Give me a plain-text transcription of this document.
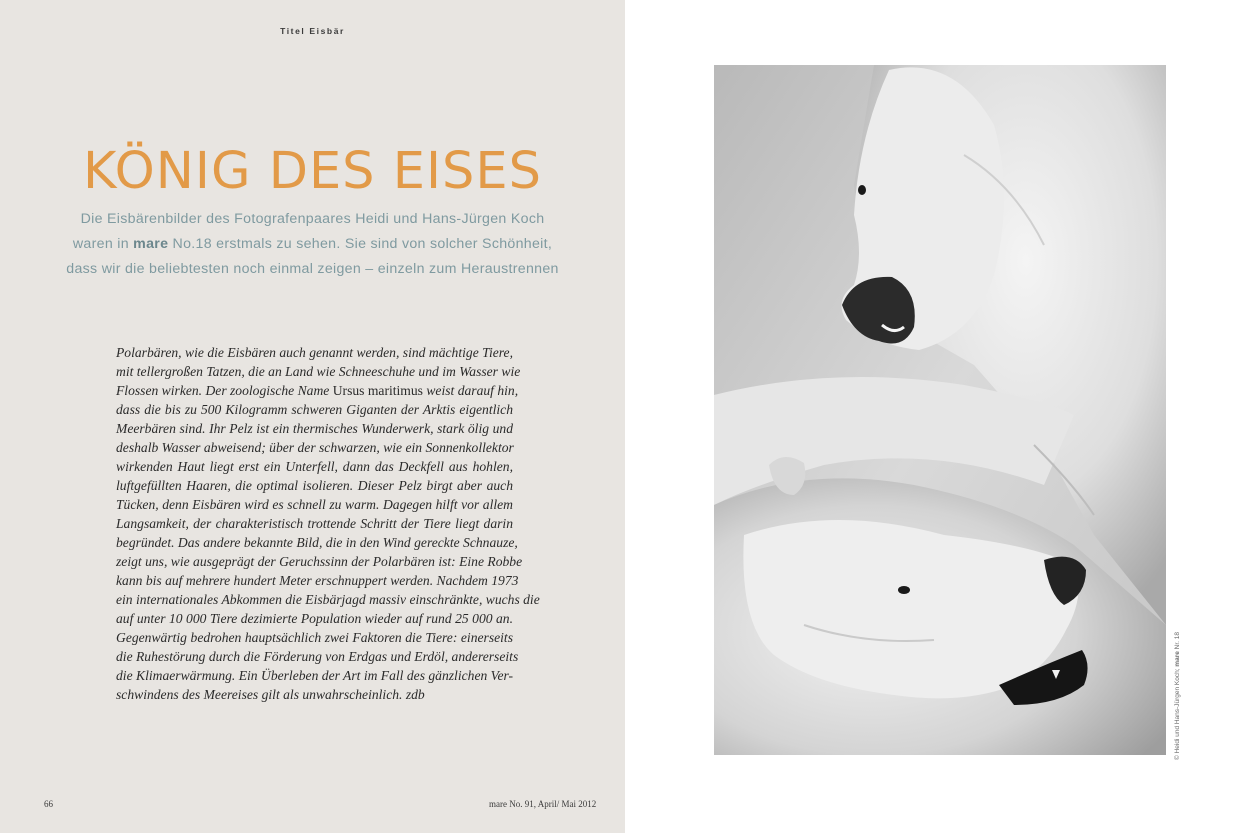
Titel Eisbär
KÖNIG DES EISES
Die Eisbärenbilder des Fotografenpaares Heidi und Hans-Jürgen Koch
waren in mare No.18 erstmals zu sehen. Sie sind von solcher Schönheit,
dass wir die beliebtesten noch einmal zeigen – einzeln zum Heraustrennen
Polarbären, wie die Eisbären auch genannt werden, sind mächtige Tiere,
mit tellergroßen Tatzen, die an Land wie Schneeschuhe und im Wasser wie
Flossen wirken. Der zoologische Name Ursus maritimus weist darauf hin,
dass die bis zu 500 Kilogramm schweren Giganten der Arktis eigentlich
Meerbären sind. Ihr Pelz ist ein thermisches Wunderwerk, stark ölig und
deshalb Wasser abweisend; über der schwarzen, wie ein Sonnenkollektor
wirkenden Haut liegt erst ein Unterfell, dann das Deckfell aus hohlen,
luftgefüllten Haaren, die optimal isolieren. Dieser Pelz birgt aber auch
Tücken, denn Eisbären wird es schnell zu warm. Dagegen hilft vor allem
Langsamkeit, der charakteristisch trottende Schritt der Tiere liegt darin
begründet. Das andere bekannte Bild, die in den Wind gereckte Schnauze,
zeigt uns, wie ausgeprägt der Geruchssinn der Polarbären ist: Eine Robbe
kann bis auf mehrere hundert Meter erschnuppert werden. Nachdem 1973
ein internationales Abkommen die Eisbärjagd massiv einschränkte, wuchs die
auf unter 10 000 Tiere dezimierte Population wieder auf rund 25 000 an.
Gegenwärtig bedrohen hauptsächlich zwei Faktoren die Tiere: einerseits
die Ruhestörung durch die Förderung von Erdgas und Erdöl, andererseits
die Klimaerwärmung. Ein Überleben der Art im Fall des gänzlichen Ver-
schwindens des Meereises gilt als unwahrscheinlich. zdb
66	mare No. 91, April/ Mai 2012
© Heidi und Hans-Jürgen Koch; mare Nr. 18
